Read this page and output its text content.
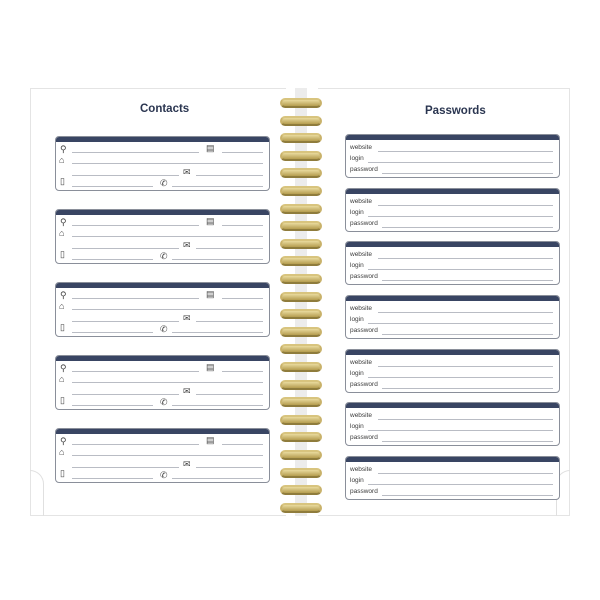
Contacts	Passwords
⚲
⌂
▯
▤
✉
✆
⚲
⌂
▯
▤
✉
✆
⚲
⌂
▯
▤
✉
✆
⚲
⌂
▯
▤
✉
✆
⚲
⌂
▯
▤
✉
✆
website
login
password
website
login
password
website
login
password
website
login
password
website
login
password
website
login
password
website
login
password
